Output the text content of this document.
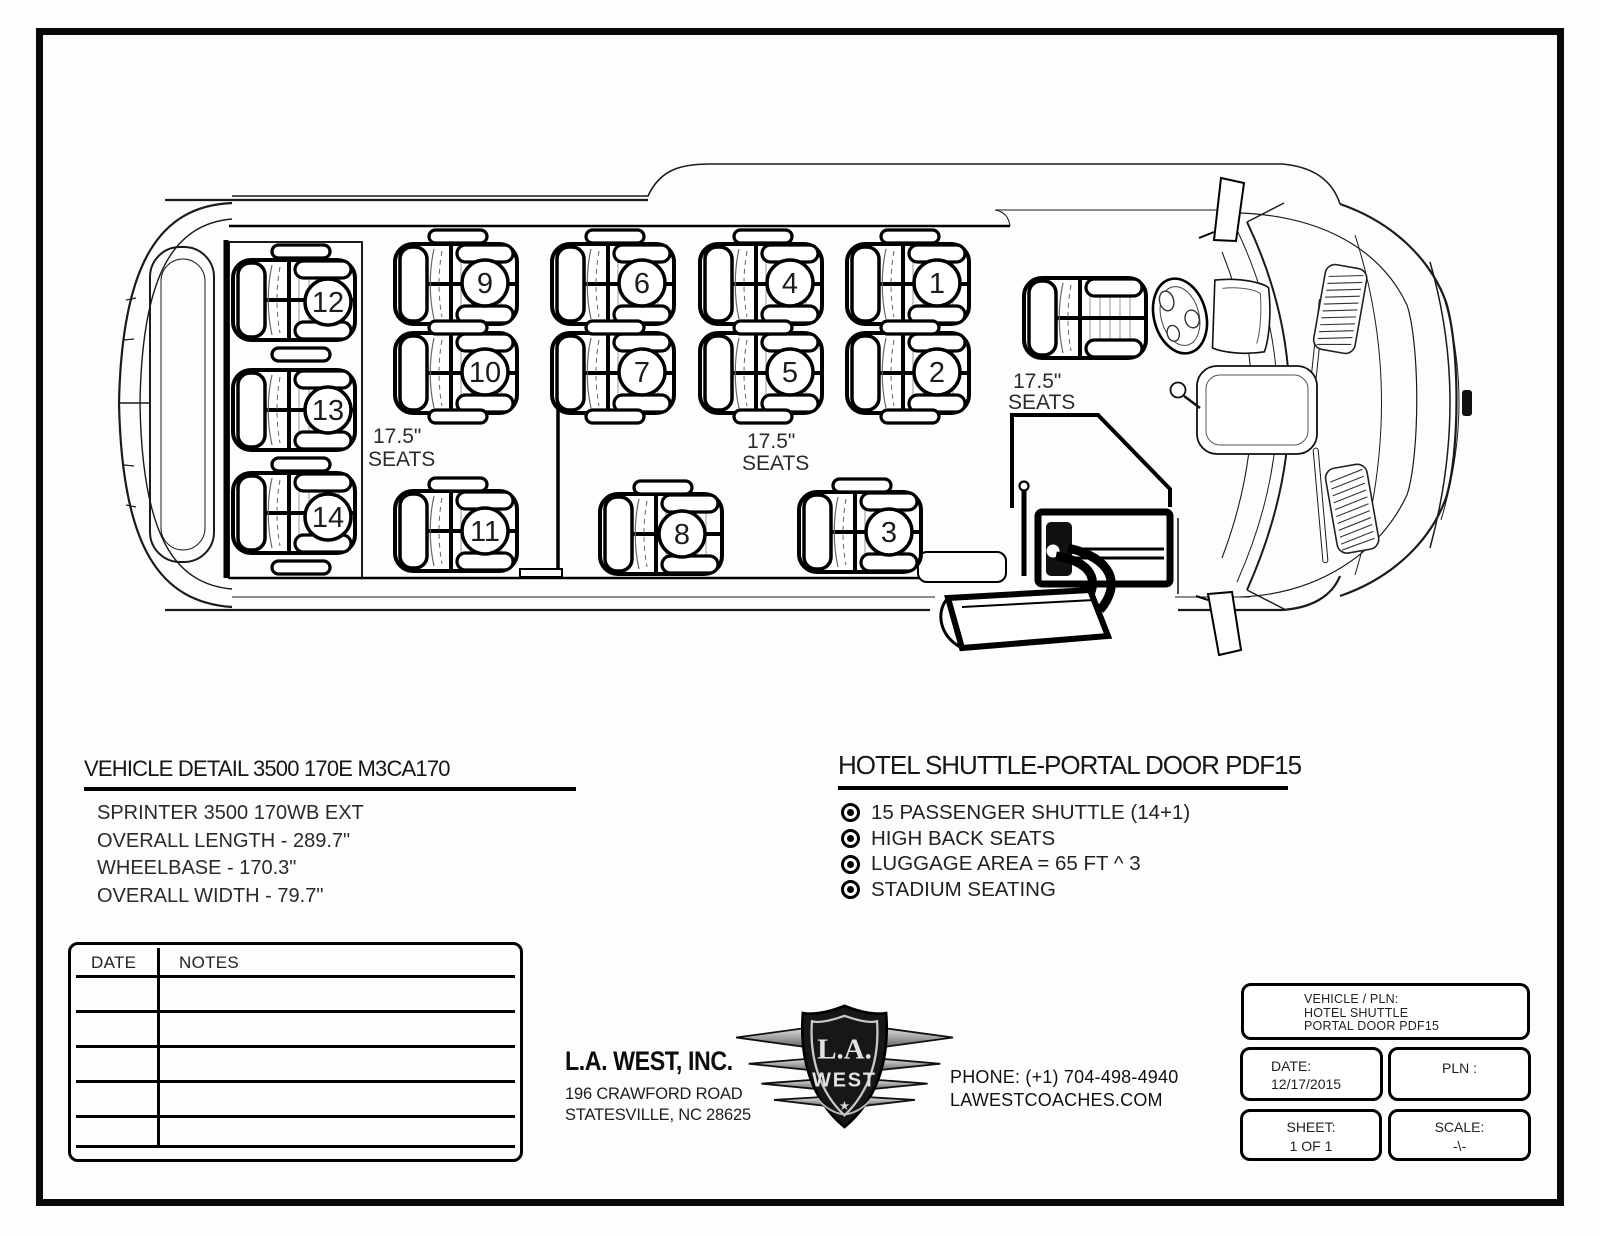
1
2
3
4
5
6
7
8
9
10
11
12
13
14
17.5"
SEATS
17.5"
SEATS
17.5"
SEATS
VEHICLE DETAIL 3500 170E M3CA170
SPRINTER 3500 170WB EXT
OVERALL LENGTH - 289.7"
WHEELBASE - 170.3"
OVERALL WIDTH - 79.7"
HOTEL SHUTTLE-PORTAL DOOR PDF15
15 PASSENGER SHUTTLE (14+1)
HIGH BACK SEATS
LUGGAGE AREA = 65 FT ^ 3
STADIUM SEATING
DATE	NOTES
L.A. WEST, INC.
196 CRAWFORD ROAD
STATESVILLE, NC 28625
L.A.
WEST
★
PHONE: (+1) 704-498-4940
LAWESTCOACHES.COM
VEHICLE / PLN:
HOTEL SHUTTLE
PORTAL DOOR PDF15
DATE:
12/17/2015
PLN :
SHEET:
1 OF 1
SCALE:
-\-
